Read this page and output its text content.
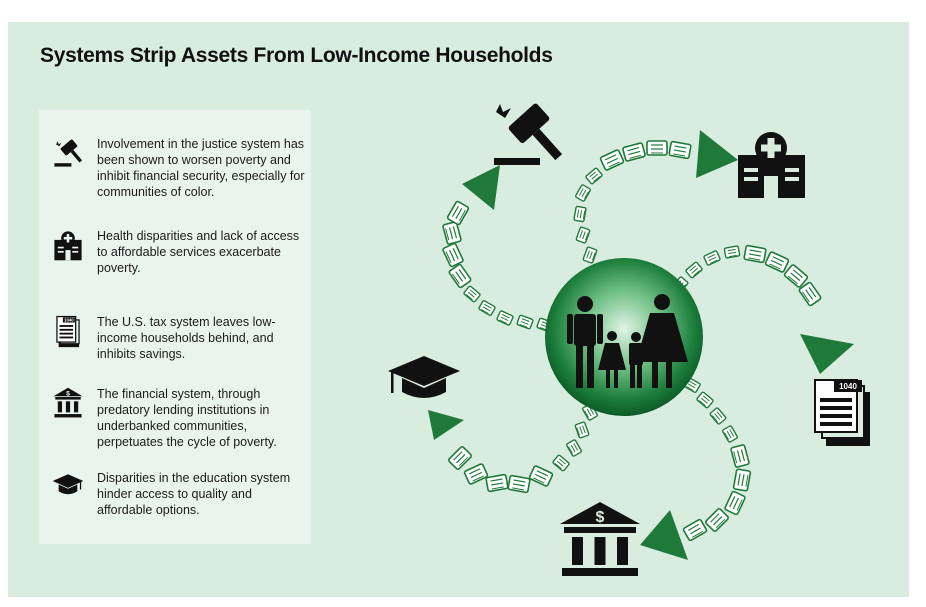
Systems Strip Assets From Low-Income Households

Involvement in the justice system has been shown to worsen poverty and inhibit financial security, especially for communities of color.

Health disparities and lack of access to affordable services exacerbate poverty.

1040 The U.S. tax system leaves low-income households behind, and inhibits savings.

$ The financial system, through predatory lending institutions in underbanked communities, perpetuates the cycle of poverty.

Disparities in the education system hinder access to quality and affordable options.

1040
$
